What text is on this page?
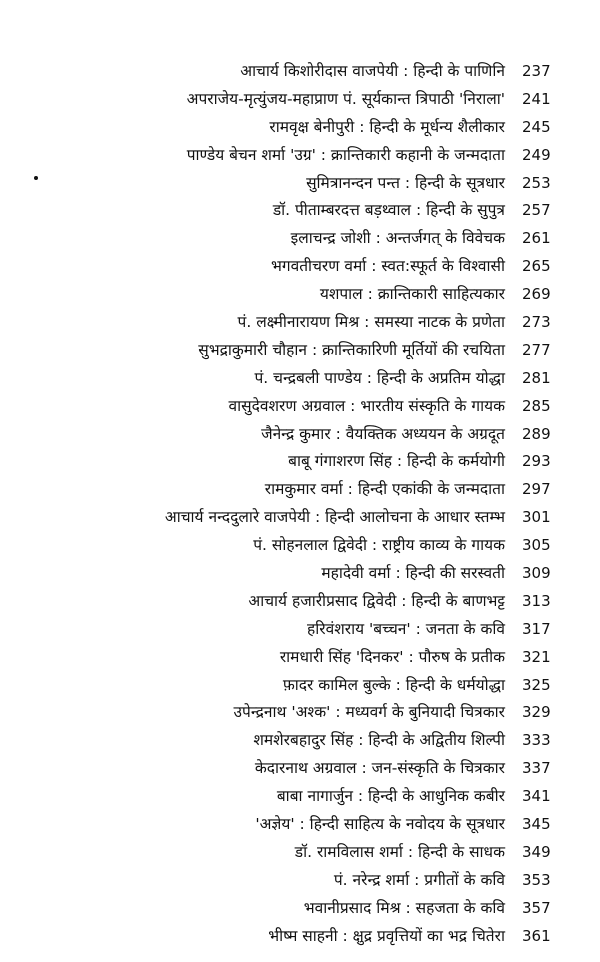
आचार्य किशोरीदास वाजपेयी : हिन्दी के पाणिनि 237
अपराजेय-मृत्युंजय-महाप्राण पं. सूर्यकान्त त्रिपाठी 'निराला' 241
रामवृक्ष बेनीपुरी : हिन्दी के मूर्धन्य शैलीकार 245
पाण्डेय बेचन शर्मा 'उग्र' : क्रान्तिकारी कहानी के जन्मदाता 249
सुमित्रानन्दन पन्त : हिन्दी के सूत्रधार 253
डॉ. पीताम्बरदत्त बड़थ्वाल : हिन्दी के सुपुत्र 257
इलाचन्द्र जोशी : अन्तर्जगत् के विवेचक 261
भगवतीचरण वर्मा : स्वत:स्फूर्त के विश्वासी 265
यशपाल : क्रान्तिकारी साहित्यकार 269
पं. लक्ष्मीनारायण मिश्र : समस्या नाटक के प्रणेता 273
सुभद्राकुमारी चौहान : क्रान्तिकारिणी मूर्तियों की रचयिता 277
पं. चन्द्रबली पाण्डेय : हिन्दी के अप्रतिम योद्धा 281
वासुदेवशरण अग्रवाल : भारतीय संस्कृति के गायक 285
जैनेन्द्र कुमार : वैयक्तिक अध्ययन के अग्रदूत 289
बाबू गंगाशरण सिंह : हिन्दी के कर्मयोगी 293
रामकुमार वर्मा : हिन्दी एकांकी के जन्मदाता 297
आचार्य नन्ददुलारे वाजपेयी : हिन्दी आलोचना के आधार स्तम्भ 301
पं. सोहनलाल द्विवेदी : राष्ट्रीय काव्य के गायक 305
महादेवी वर्मा : हिन्दी की सरस्वती 309
आचार्य हजारीप्रसाद द्विवेदी : हिन्दी के बाणभट्ट 313
हरिवंशराय 'बच्चन' : जनता के कवि 317
रामधारी सिंह 'दिनकर' : पौरुष के प्रतीक 321
फ़ादर कामिल बुल्के : हिन्दी के धर्मयोद्धा 325
उपेन्द्रनाथ 'अश्क' : मध्यवर्ग के बुनियादी चित्रकार 329
शमशेरबहादुर सिंह : हिन्दी के अद्वितीय शिल्पी 333
केदारनाथ अग्रवाल : जन-संस्कृति के चित्रकार 337
बाबा नागार्जुन : हिन्दी के आधुनिक कबीर 341
'अज्ञेय' : हिन्दी साहित्य के नवोदय के सूत्रधार 345
डॉ. रामविलास शर्मा : हिन्दी के साधक 349
पं. नरेन्द्र शर्मा : प्रगीतों के कवि 353
भवानीप्रसाद मिश्र : सहजता के कवि 357
भीष्म साहनी : क्षुद्र प्रवृत्तियों का भद्र चितेरा 361
